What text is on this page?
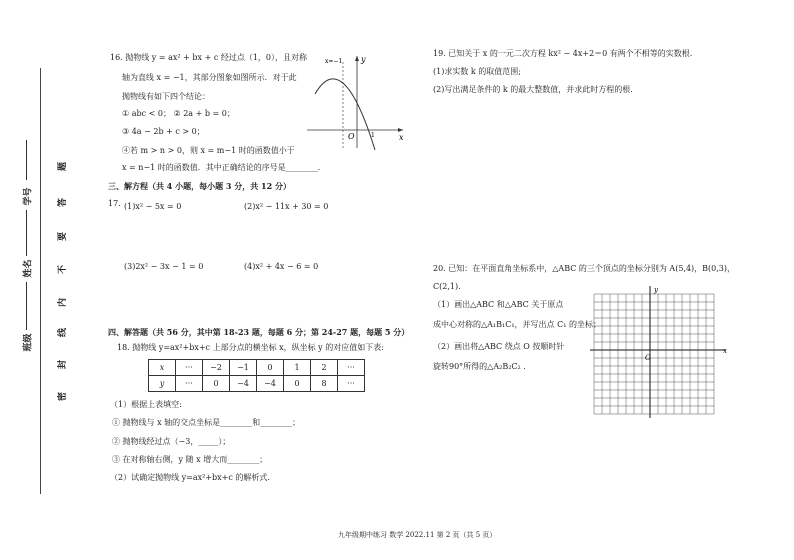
学号
姓名
班级
题
答
要
不
内
线
封
密
16. 抛物线 y = ax² + bx + c 经过点（1，0），且对称
轴为直线 x = −1，其部分图象如图所示．对于此
抛物线有如下四个结论：
① abc < 0； ② 2a + b = 0；
③ 4a − 2b + c > 0；
④若 m > n > 0，则 x = m−1 时的函数值小于
x = n−1 时的函数值．其中正确结论的序号是________．
x=−1 y
x
O	1
三、解方程（共 4 小题，每小题 3 分，共 12 分）
17. (1)x² − 5x = 0	(2)x² − 11x + 30 = 0
(3)2x² − 3x − 1 = 0	(4)x² + 4x − 6 = 0
四、解答题（共 56 分，其中第 18-23 题，每题 6 分；第 24-27 题，每题 5 分）
18. 抛物线 y=ax²+bx+c 上部分点的横坐标 x，纵坐标 y 的对应值如下表:
x	···	−2	−1	0	1	2	···
y	···	0	−4	−4	0	8	···
（1）根据上表填空:
① 抛物线与 x 轴的交点坐标是________和________；
② 抛物线经过点（−3，_____）；
③ 在对称轴右侧，y 随 x 增大而________；
（2）试确定抛物线 y=ax²+bx+c 的解析式.
19. 已知关于 x 的一元二次方程 kx² − 4x+2＝0 有两个不相等的实数根.
(1)求实数 k 的取值范围;
(2)写出满足条件的 k 的最大整数值，并求此时方程的根.
20. 已知：在平面直角坐标系中，△ABC 的三个顶点的坐标分别为 A(5,4)，B(0,3)，
C(2,1).
（1）画出△ABC 和△ABC 关于原点
成中心对称的△A₁B₁C₁，并写出点 C₁ 的坐标；
（2）画出将△ABC 绕点 O 按顺时针
旋转90°所得的△A₂B₂C₂ .
y
x
O
九年级期中练习 数学 2022.11 第 2 页（共 5 页）
